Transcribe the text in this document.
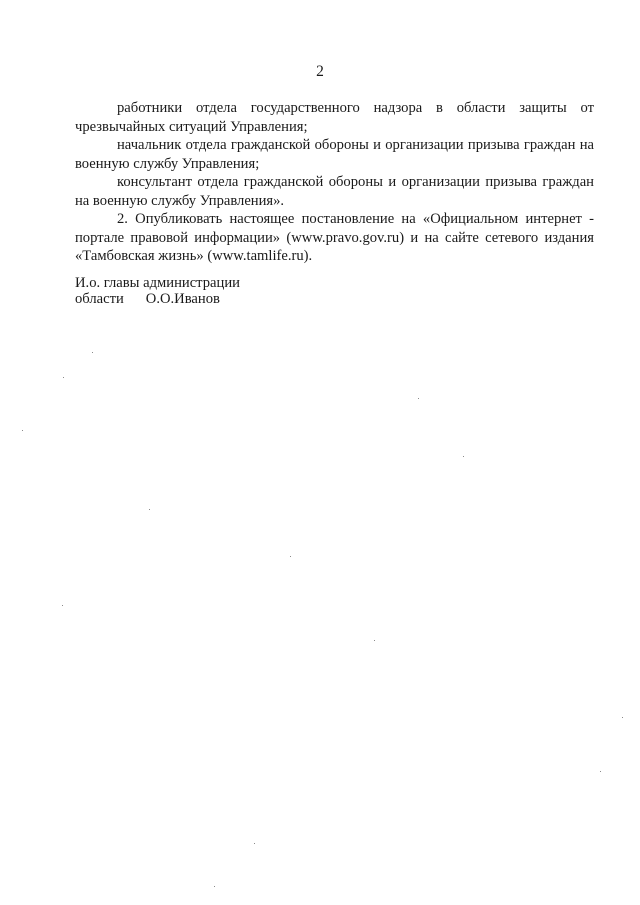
2

работники отдела государственного надзора в области защиты от чрезвычайных ситуаций Управления;

начальник отдела гражданской обороны и организации призыва граждан на военную службу Управления;

консультант отдела гражданской обороны и организации призыва граждан на военную службу Управления».

2. Опубликовать настоящее постановление на «Официальном интернет - портале правовой информации» (www.pravo.gov.ru) и на сайте сетевого издания «Тамбовская жизнь» (www.tamlife.ru).

И.о. главы администрации
области О.О.Иванов
